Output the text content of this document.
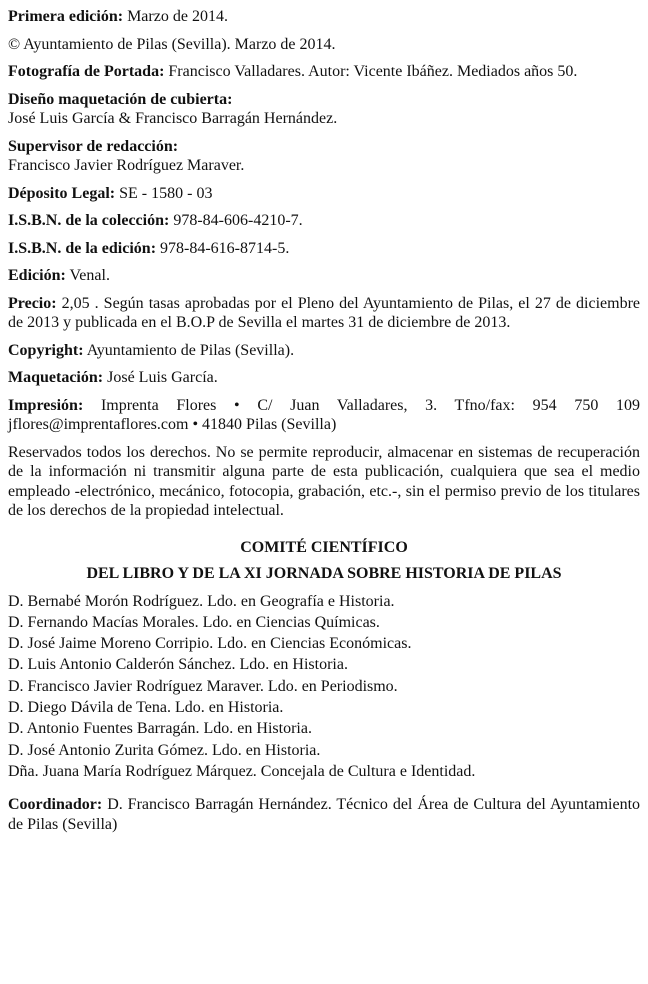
Primera edición: Marzo de 2014.

© Ayuntamiento de Pilas (Sevilla). Marzo de 2014.

Fotografía de Portada: Francisco Valladares. Autor: Vicente Ibáñez. Mediados años 50.

Diseño maquetación de cubierta:
José Luis García & Francisco Barragán Hernández.

Supervisor de redacción:
Francisco Javier Rodríguez Maraver.

Déposito Legal: SE - 1580 - 03

I.S.B.N. de la colección: 978-84-606-4210-7.

I.S.B.N. de la edición: 978-84-616-8714-5.

Edición: Venal.

Precio: 2,05 . Según tasas aprobadas por el Pleno del Ayuntamiento de Pilas, el 27 de diciembre de 2013 y publicada en el B.O.P de Sevilla el martes 31 de diciembre de 2013.

Copyright: Ayuntamiento de Pilas (Sevilla).

Maquetación: José Luis García.

Impresión: Imprenta Flores • C/ Juan Valladares, 3. Tfno/fax: 954 750 109 jflores@imprentaflores.com • 41840 Pilas (Sevilla)

Reservados todos los derechos. No se permite reproducir, almacenar en sistemas de recuperación de la información ni transmitir alguna parte de esta publicación, cualquiera que sea el medio empleado -electrónico, mecánico, fotocopia, grabación, etc.-, sin el permiso previo de los titulares de los derechos de la propiedad intelectual.

COMITÉ CIENTÍFICO
DEL LIBRO Y DE LA XI JORNADA SOBRE HISTORIA DE PILAS
D. Bernabé Morón Rodríguez. Ldo. en Geografía e Historia.
D. Fernando Macías Morales. Ldo. en Ciencias Químicas.
D. José Jaime Moreno Corripio. Ldo. en Ciencias Económicas.
D. Luis Antonio Calderón Sánchez. Ldo. en Historia.
D. Francisco Javier Rodríguez Maraver. Ldo. en Periodismo.
D. Diego Dávila de Tena. Ldo. en Historia.
D. Antonio Fuentes Barragán. Ldo. en Historia.
D. José Antonio Zurita Gómez. Ldo. en Historia.
Dña. Juana María Rodríguez Márquez. Concejala de Cultura e Identidad.

Coordinador: D. Francisco Barragán Hernández. Técnico del Área de Cultura del Ayuntamiento de Pilas (Sevilla)
